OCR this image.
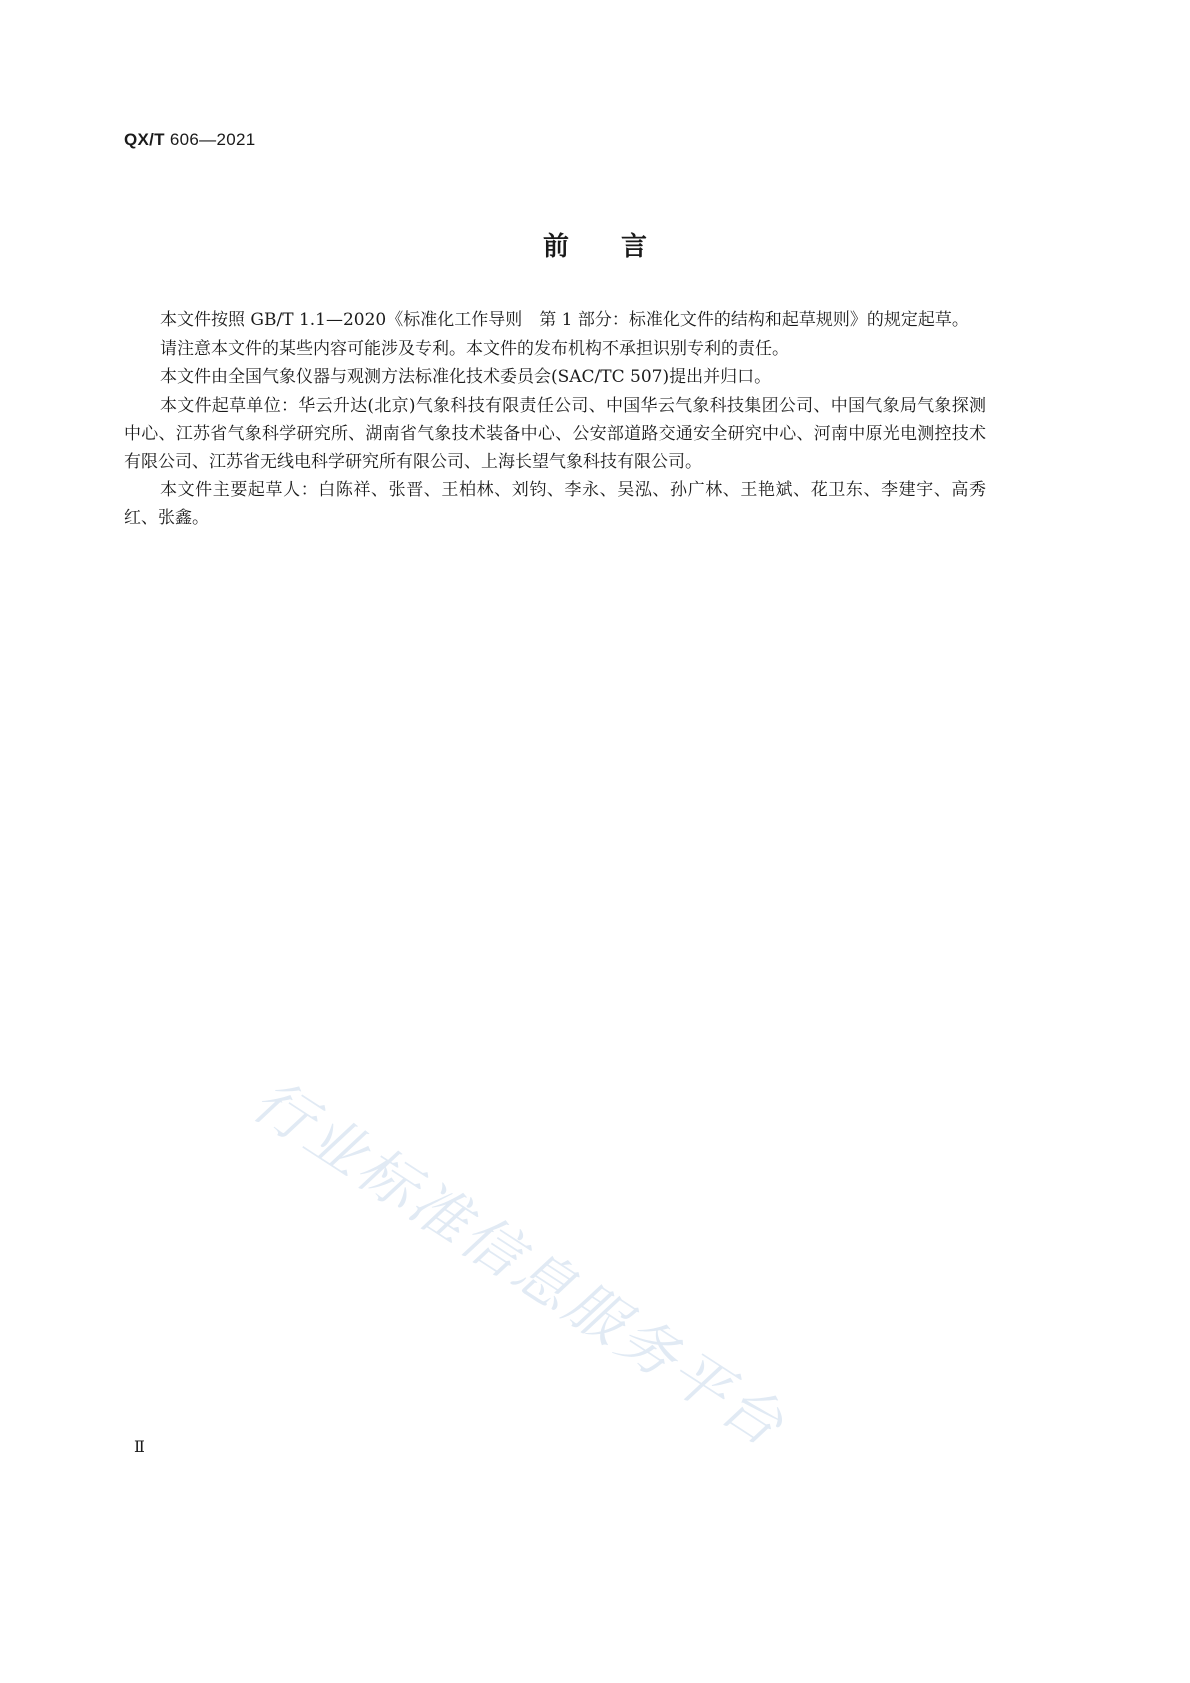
QX/T 606—2021
前言

本文件按照 GB/T 1.1—2020《标准化工作导则　第 1 部分：标准化文件的结构和起草规则》的规定起草。

请注意本文件的某些内容可能涉及专利。本文件的发布机构不承担识别专利的责任。

本文件由全国气象仪器与观测方法标准化技术委员会(SAC/TC 507)提出并归口。

本文件起草单位：华云升达(北京)气象科技有限责任公司、中国华云气象科技集团公司、中国气象局气象探测中心、江苏省气象科学研究所、湖南省气象技术装备中心、公安部道路交通安全研究中心、河南中原光电测控技术有限公司、江苏省无线电科学研究所有限公司、上海长望气象科技有限公司。

本文件主要起草人：白陈祥、张晋、王柏林、刘钧、李永、吴泓、孙广林、王艳斌、花卫东、李建宇、高秀红、张鑫。

行业标准信息服务平台
Ⅱ
